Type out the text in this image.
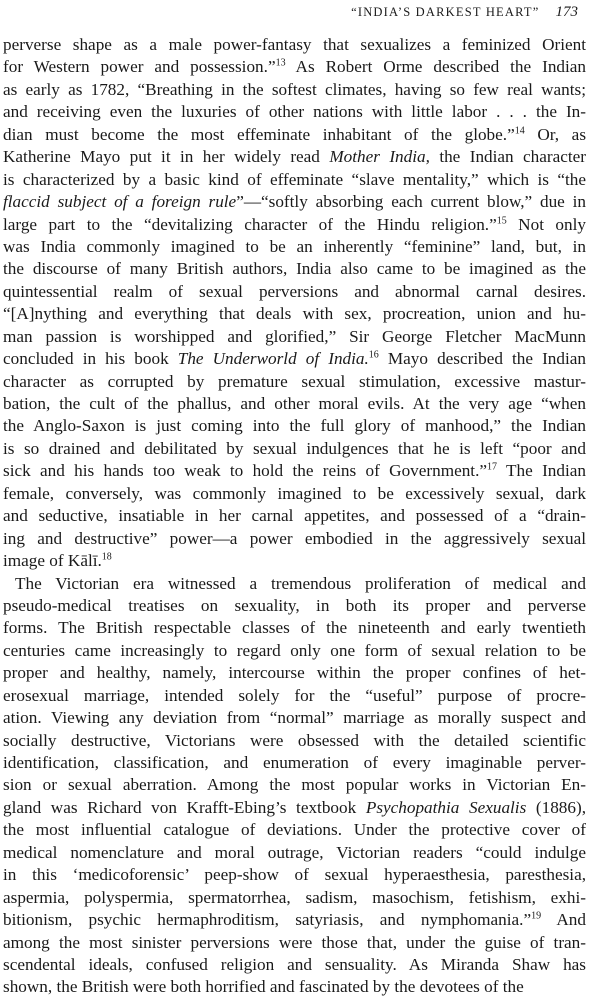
“INDIA’S DARKEST HEART” 173
perverse shape as a male power-fantasy that sexualizes a feminized Orient
for Western power and possession.”$^{13}$ As Robert Orme described the Indian
as early as 1782, “Breathing in the softest climates, having so few real wants;
and receiving even the luxuries of other nations with little labor . . . the In-
dian must become the most effeminate inhabitant of the globe.”$^{14}$ Or, as
Katherine Mayo put it in her widely read Mother India, the Indian character
is characterized by a basic kind of effeminate “slave mentality,” which is “the
flaccid subject of a foreign rule”—“softly absorbing each current blow,” due in
large part to the “devitalizing character of the Hindu religion.”$^{15}$ Not only
was India commonly imagined to be an inherently “feminine” land, but, in
the discourse of many British authors, India also came to be imagined as the
quintessential realm of sexual perversions and abnormal carnal desires.
“[A]nything and everything that deals with sex, procreation, union and hu-
man passion is worshipped and glorified,” Sir George Fletcher MacMunn
concluded in his book The Underworld of India.$^{16}$ Mayo described the Indian
character as corrupted by premature sexual stimulation, excessive mastur-
bation, the cult of the phallus, and other moral evils. At the very age “when
the Anglo-Saxon is just coming into the full glory of manhood,” the Indian
is so drained and debilitated by sexual indulgences that he is left “poor and
sick and his hands too weak to hold the reins of Government.”$^{17}$ The Indian
female, conversely, was commonly imagined to be excessively sexual, dark
and seductive, insatiable in her carnal appetites, and possessed of a “drain-
ing and destructive” power—a power embodied in the aggressively sexual
image of Kālī.$^{18}$
The Victorian era witnessed a tremendous proliferation of medical and
pseudo-medical treatises on sexuality, in both its proper and perverse
forms. The British respectable classes of the nineteenth and early twentieth
centuries came increasingly to regard only one form of sexual relation to be
proper and healthy, namely, intercourse within the proper confines of het-
erosexual marriage, intended solely for the “useful” purpose of procre-
ation. Viewing any deviation from “normal” marriage as morally suspect and
socially destructive, Victorians were obsessed with the detailed scientific
identification, classification, and enumeration of every imaginable perver-
sion or sexual aberration. Among the most popular works in Victorian En-
gland was Richard von Krafft-Ebing’s textbook Psychopathia Sexualis (1886),
the most influential catalogue of deviations. Under the protective cover of
medical nomenclature and moral outrage, Victorian readers “could indulge
in this ‘medicoforensic’ peep-show of sexual hyperaesthesia, paresthesia,
aspermia, polyspermia, spermatorrhea, sadism, masochism, fetishism, exhi-
bitionism, psychic hermaphroditism, satyriasis, and nymphomania.”$^{19}$ And
among the most sinister perversions were those that, under the guise of tran-
scendental ideals, confused religion and sensuality. As Miranda Shaw has
shown, the British were both horrified and fascinated by the devotees of the
